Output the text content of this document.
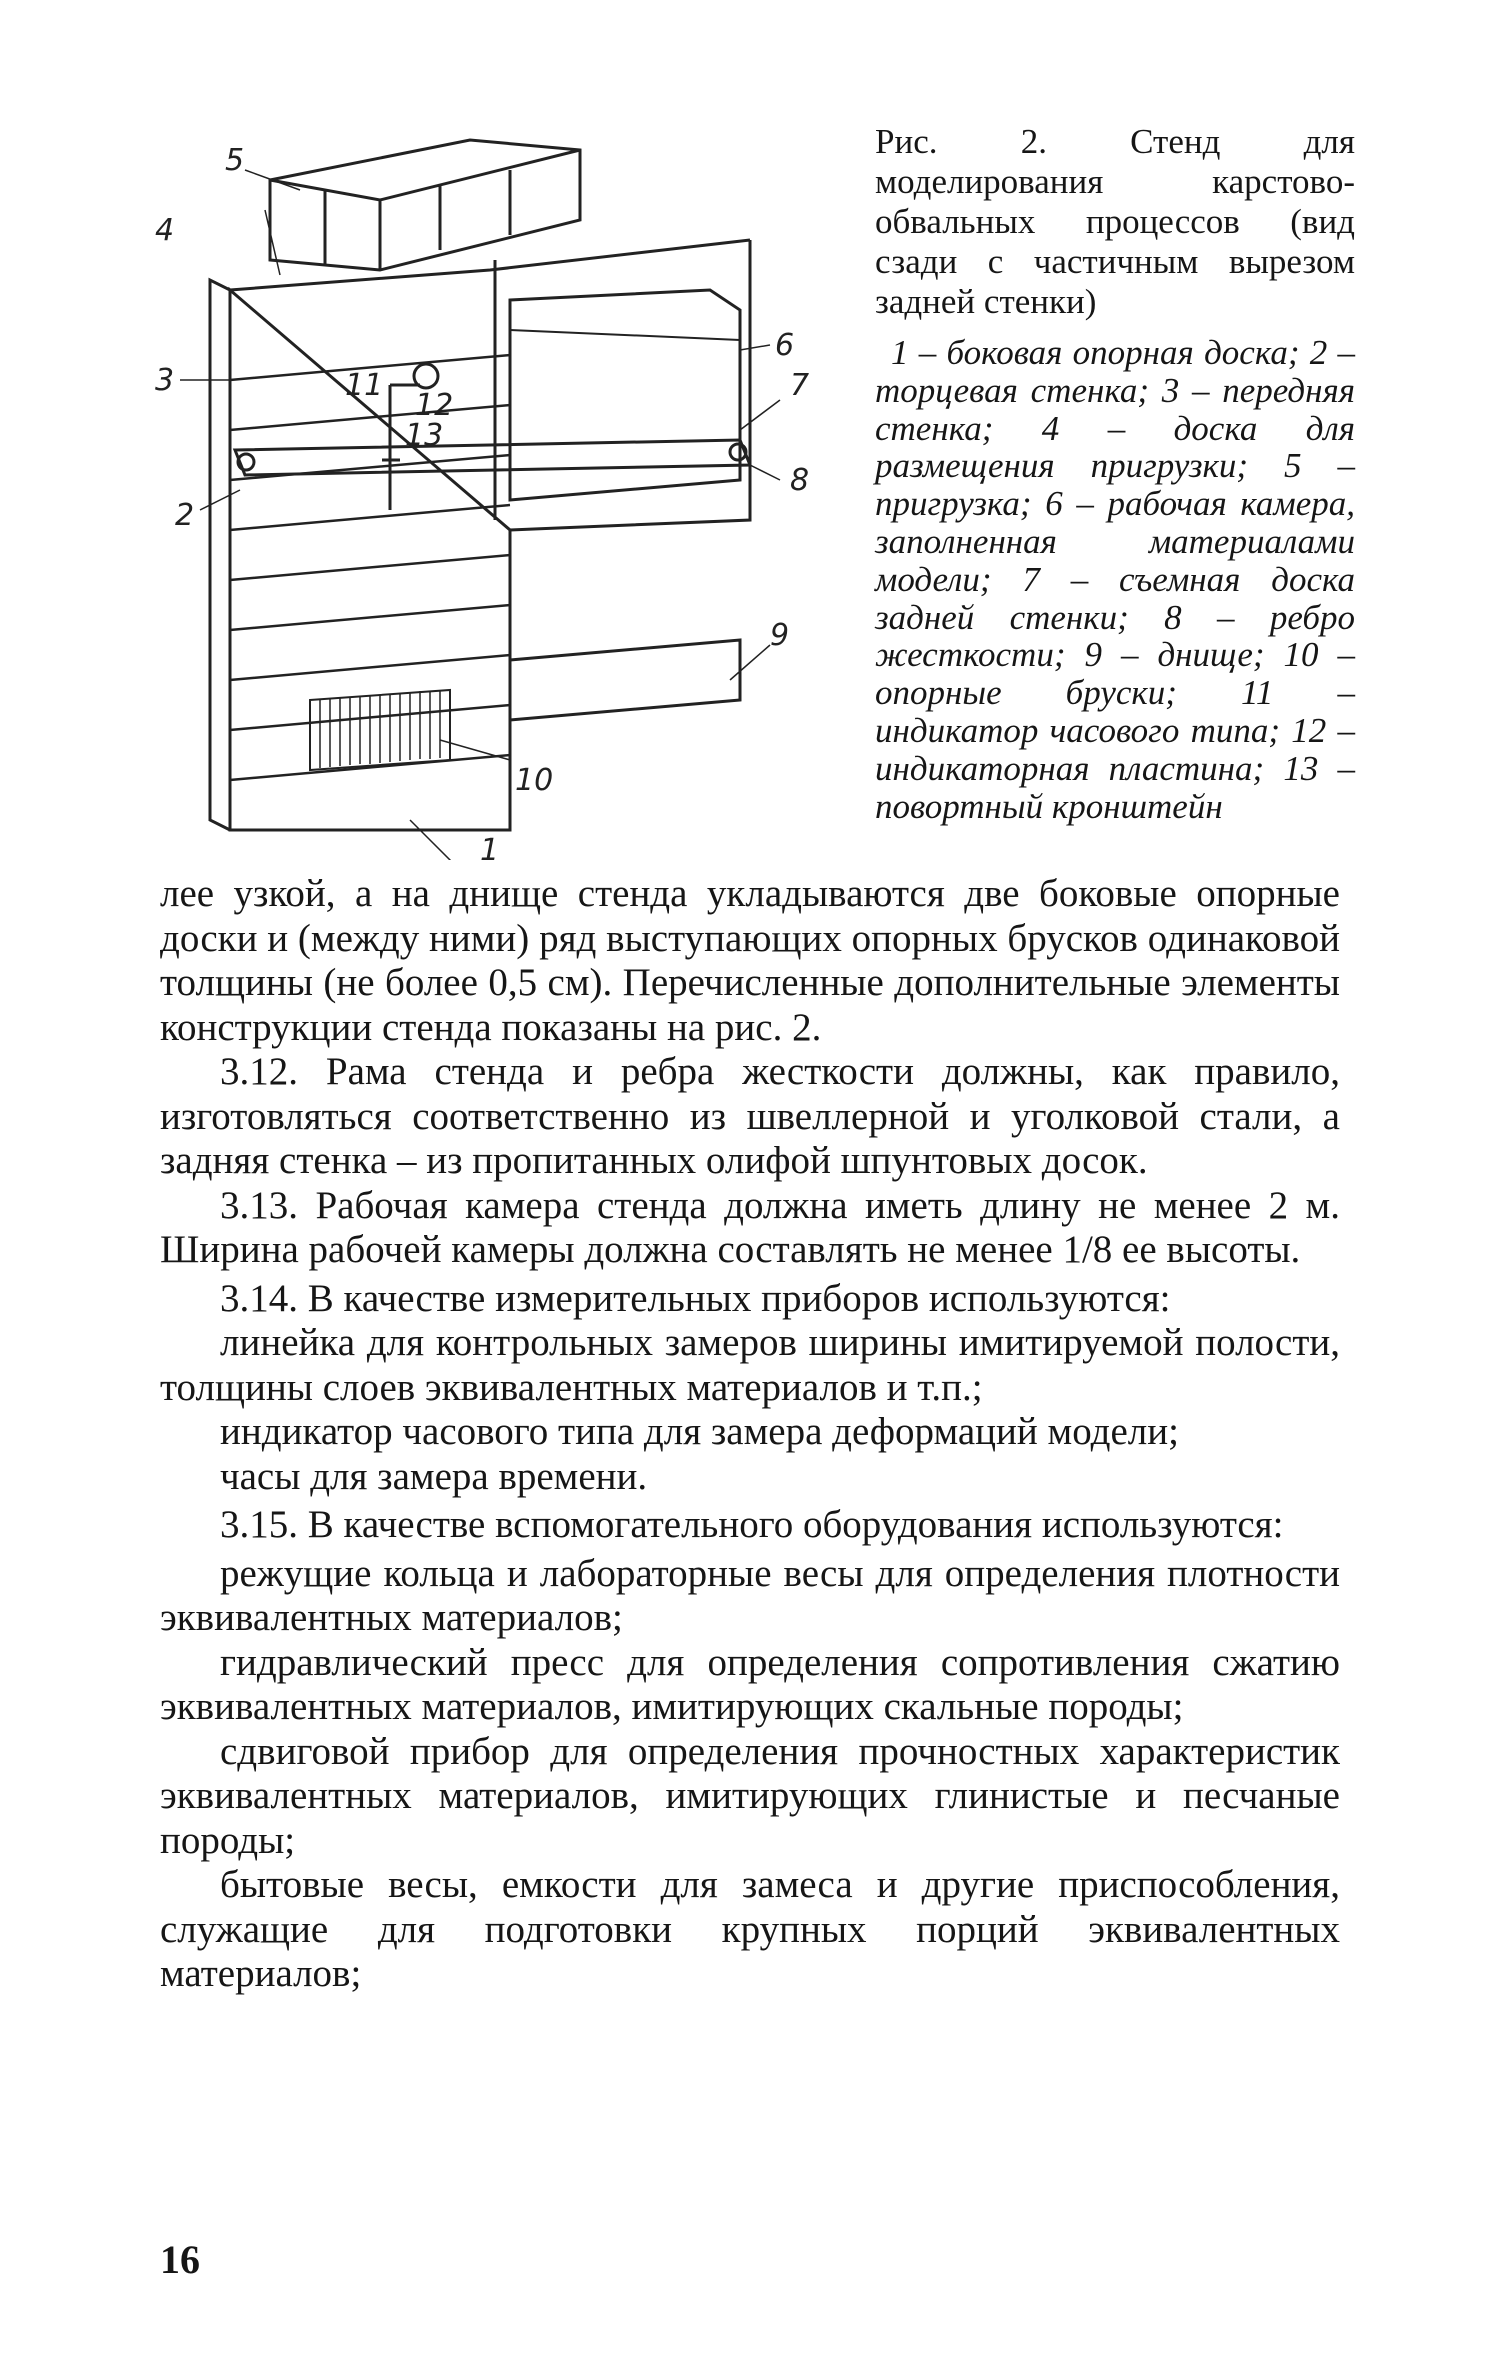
1
2
3
4
5
6
7
8
9
10
11
12
13

Рис. 2. Стенд для моделирования карстово-обвальных процессов (вид сзади с частичным вырезом задней стенки)

1 – боковая опорная доска; 2 – торцевая стенка; 3 – передняя стенка; 4 – доска для размещения пригрузки; 5 – пригрузка; 6 – рабочая камера, заполненная материалами модели; 7 – съемная доска задней стенки; 8 – ребро жесткости; 9 – днище; 10 – опорные бруски; 11 – индикатор часового типа; 12 – индикаторная пластина; 13 – повортный кронштейн

лее узкой, а на днище стенда укладываются две боковые опорные доски и (между ними) ряд выступающих опорных брусков одинаковой толщины (не более 0,5 см). Перечисленные дополнительные элементы конструкции стенда показаны на рис. 2.

3.12. Рама стенда и ребра жесткости должны, как правило, изготовляться соответственно из швеллерной и уголковой стали, а задняя стенка – из пропитанных олифой шпунтовых досок.

3.13. Рабочая камера стенда должна иметь длину не менее 2 м. Ширина рабочей камеры должна составлять не менее 1/8 ее высоты.

3.14. В качестве измерительных приборов используются:

линейка для контрольных замеров ширины имитируемой полости, толщины слоев эквивалентных материалов и т.п.;

индикатор часового типа для замера деформаций модели;

часы для замера времени.

3.15. В качестве вспомогательного оборудования используются:

режущие кольца и лабораторные весы для определения плотности эквивалентных материалов;

гидравлический пресс для определения сопротивления сжатию эквивалентных материалов, имитирующих скальные породы;

сдвиговой прибор для определения прочностных характеристик эквивалентных материалов, имитирующих глинистые и песчаные породы;

бытовые весы, емкости для замеса и другие приспособления, служащие для подготовки крупных порций эквивалентных материалов;

16
